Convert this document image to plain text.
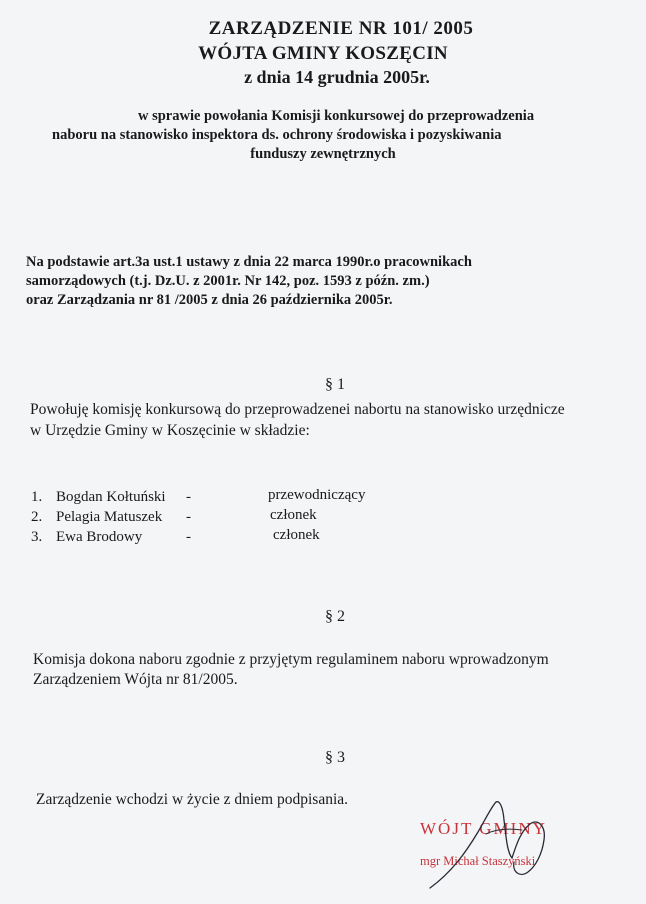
ZARZĄDZENIE NR 101/ 2005
WÓJTA GMINY KOSZĘCIN
z dnia 14 grudnia 2005r.
w sprawie powołania Komisji konkursowej do przeprowadzenia
naboru na stanowisko inspektora ds. ochrony środowiska i pozyskiwania
funduszy zewnętrznych
Na podstawie art.3a ust.1 ustawy z dnia 22 marca 1990r.o pracownikach
samorządowych (t.j. Dz.U. z 2001r. Nr 142, poz. 1593 z późn. zm.)
oraz Zarządzania nr 81 /2005 z dnia 26 października 2005r.
§ 1
Powołuję komisję konkursową do przeprowadzenei nabortu na stanowisko urzędnicze
w Urzędzie Gminy w Koszęcinie w składzie:
1. Bogdan Kołtuński -	przewodniczący
2. Pelagia Matuszek -	członek
3. Ewa Brodowy	-	członek
§ 2
Komisja dokona naboru zgodnie z przyjętym regulaminem naboru wprowadzonym
Zarządzeniem Wójta nr 81/2005.
§ 3
Zarządzenie wchodzi w życie z dniem podpisania.
WÓJT GMINY
mgr Michał Staszyński
